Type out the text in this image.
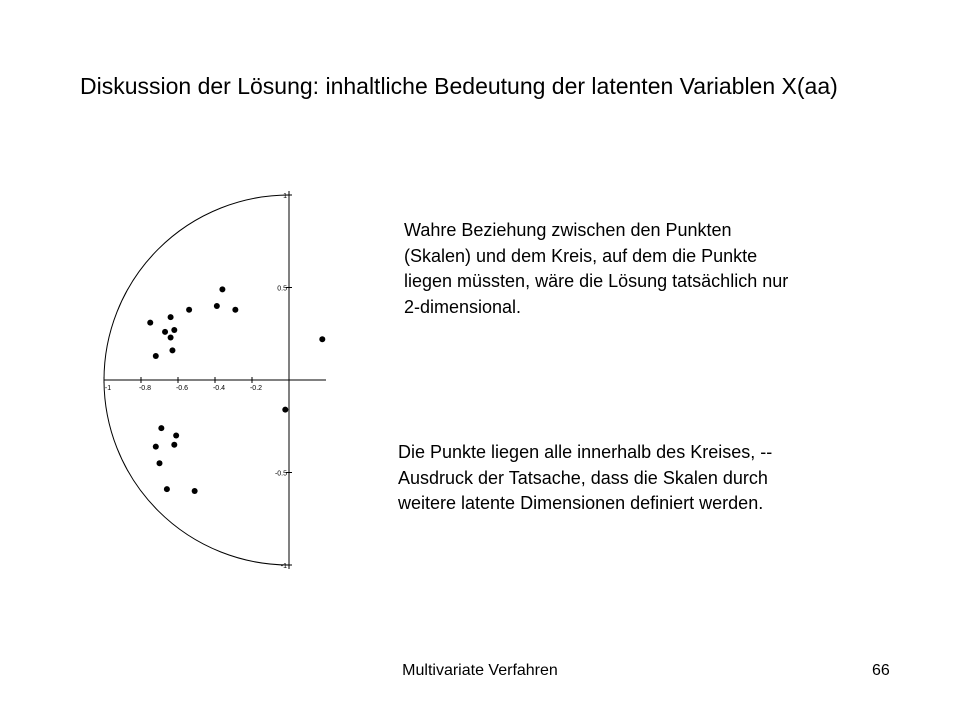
Diskussion der Lösung: inhaltliche Bedeutung der latenten Variablen X(aa)
-1	-0.8	-0.6	-0.4	-0.2
1
0.5
-0.5
-1

Wahre Beziehung zwischen den Punkten

(Skalen) und dem Kreis, auf dem die Punkte

liegen müssten, wäre die Lösung tatsächlich nur

2-dimensional.

Die Punkte liegen alle innerhalb des Kreises, --

Ausdruck der Tatsache, dass die Skalen durch

weitere latente Dimensionen definiert werden.

Multivariate Verfahren	66
